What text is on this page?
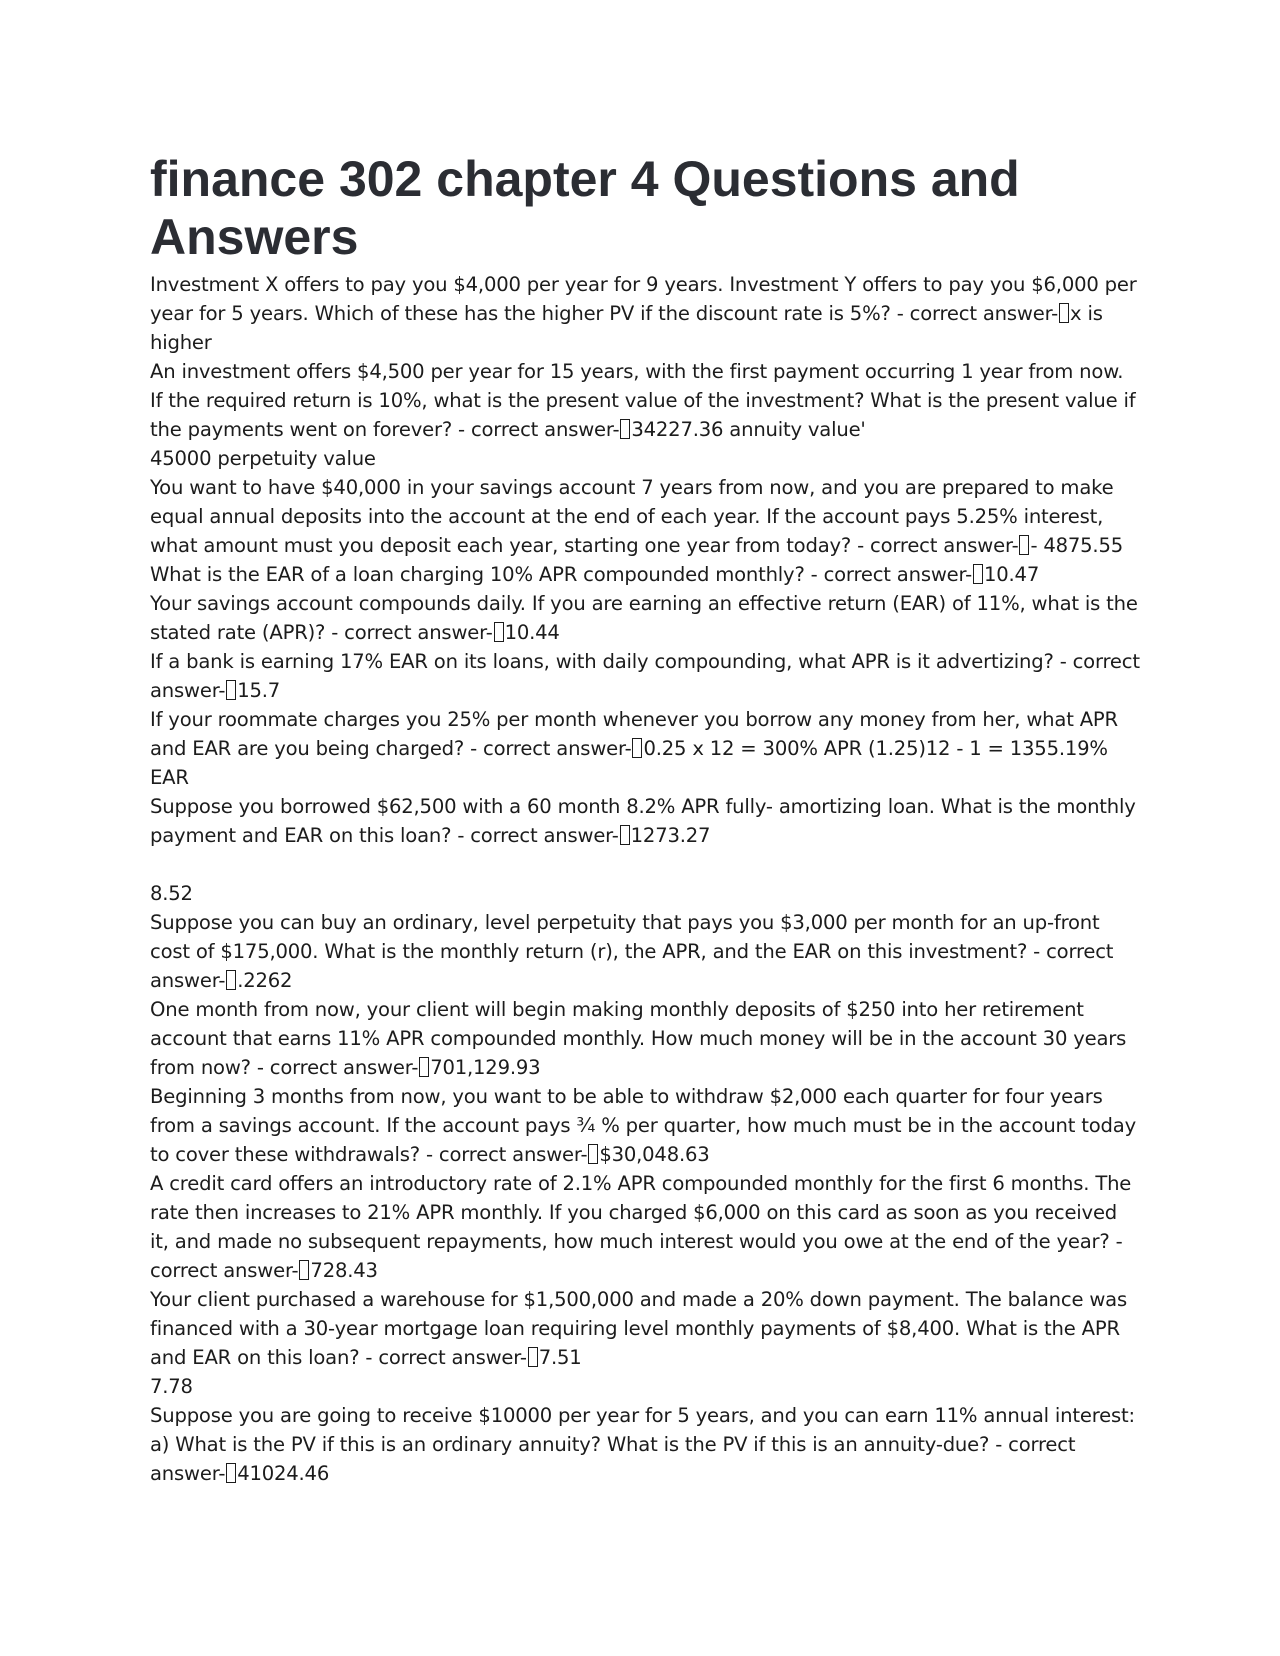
finance 302 chapter 4 Questions and Answers
Investment X offers to pay you $4,000 per year for 9 years. Investment Y offers to pay you $6,000 per year for 5 years. Which of these has the higher PV if the discount rate is 5%? - correct answer- x is higher
An investment offers $4,500 per year for 15 years, with the first payment occurring 1 year from now. If the required return is 10%, what is the present value of the investment? What is the present value if the payments went on forever? - correct answer- 34227.36 annuity value'
45000 perpetuity value
You want to have $40,000 in your savings account 7 years from now, and you are prepared to make equal annual deposits into the account at the end of each year. If the account pays 5.25% interest, what amount must you deposit each year, starting one year from today? - correct answer- - 4875.55
What is the EAR of a loan charging 10% APR compounded monthly? - correct answer- 10.47
Your savings account compounds daily. If you are earning an effective return (EAR) of 11%, what is the stated rate (APR)? - correct answer- 10.44
If a bank is earning 17% EAR on its loans, with daily compounding, what APR is it advertizing? - correct answer- 15.7
If your roommate charges you 25% per month whenever you borrow any money from her, what APR and EAR are you being charged? - correct answer- 0.25 x 12 = 300% APR (1.25)12 - 1 = 1355.19% EAR
Suppose you borrowed $62,500 with a 60 month 8.2% APR fully- amortizing loan. What is the monthly payment and EAR on this loan? - correct answer- 1273.27
8.52
Suppose you can buy an ordinary, level perpetuity that pays you $3,000 per month for an up-front cost of $175,000. What is the monthly return (r), the APR, and the EAR on this investment? - correct answer- .2262
One month from now, your client will begin making monthly deposits of $250 into her retirement account that earns 11% APR compounded monthly. How much money will be in the account 30 years from now? - correct answer- 701,129.93
Beginning 3 months from now, you want to be able to withdraw $2,000 each quarter for four years from a savings account. If the account pays ¾ % per quarter, how much must be in the account today to cover these withdrawals? - correct answer- $30,048.63
A credit card offers an introductory rate of 2.1% APR compounded monthly for the first 6 months. The rate then increases to 21% APR monthly. If you charged $6,000 on this card as soon as you received it, and made no subsequent repayments, how much interest would you owe at the end of the year? - correct answer- 728.43
Your client purchased a warehouse for $1,500,000 and made a 20% down payment. The balance was financed with a 30-year mortgage loan requiring level monthly payments of $8,400. What is the APR and EAR on this loan? - correct answer- 7.51
7.78
Suppose you are going to receive $10000 per year for 5 years, and you can earn 11% annual interest:
a) What is the PV if this is an ordinary annuity? What is the PV if this is an annuity-due? - correct answer- 41024.46
